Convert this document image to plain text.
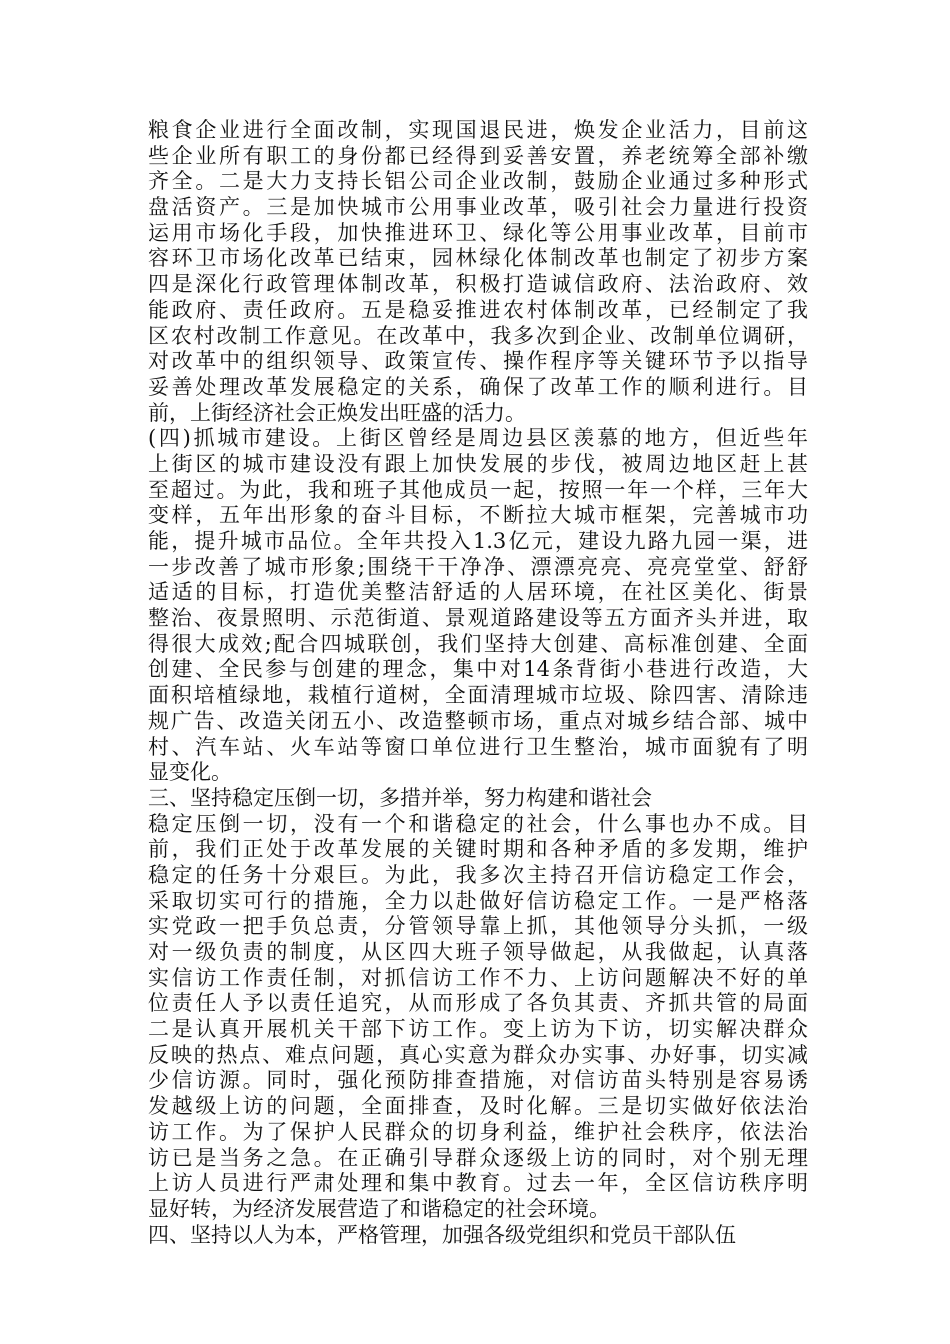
粮食企业进行全面改制，实现国退民进，焕发企业活力，目前这
些企业所有职工的身份都已经得到妥善安置，养老统筹全部补缴
齐全。二是大力支持长铝公司企业改制，鼓励企业通过多种形式
盘活资产。三是加快城市公用事业改革，吸引社会力量进行投资
运用市场化手段，加快推进环卫、绿化等公用事业改革，目前市
容环卫市场化改革已结束，园林绿化体制改革也制定了初步方案
四是深化行政管理体制改革，积极打造诚信政府、法治政府、效
能政府、责任政府。五是稳妥推进农村体制改革，已经制定了我
区农村改制工作意见。在改革中，我多次到企业、改制单位调研，
对改革中的组织领导、政策宣传、操作程序等关键环节予以指导
妥善处理改革发展稳定的关系，确保了改革工作的顺利进行。目
前，上街经济社会正焕发出旺盛的活力。
(四)抓城市建设。上街区曾经是周边县区羡慕的地方，但近些年
上街区的城市建设没有跟上加快发展的步伐，被周边地区赶上甚
至超过。为此，我和班子其他成员一起，按照一年一个样，三年大
变样，五年出形象的奋斗目标，不断拉大城市框架，完善城市功
能，提升城市品位。全年共投入1.3亿元，建设九路九园一渠，进
一步改善了城市形象;围绕干干净净、漂漂亮亮、亮亮堂堂、舒舒
适适的目标，打造优美整洁舒适的人居环境，在社区美化、街景
整治、夜景照明、示范街道、景观道路建设等五方面齐头并进，取
得很大成效;配合四城联创，我们坚持大创建、高标准创建、全面
创建、全民参与创建的理念，集中对14条背街小巷进行改造，大
面积培植绿地，栽植行道树，全面清理城市垃圾、除四害、清除违
规广告、改造关闭五小、改造整顿市场，重点对城乡结合部、城中
村、汽车站、火车站等窗口单位进行卫生整治，城市面貌有了明
显变化。
三、坚持稳定压倒一切，多措并举，努力构建和谐社会
稳定压倒一切，没有一个和谐稳定的社会，什么事也办不成。目
前，我们正处于改革发展的关键时期和各种矛盾的多发期，维护
稳定的任务十分艰巨。为此，我多次主持召开信访稳定工作会，
采取切实可行的措施，全力以赴做好信访稳定工作。一是严格落
实党政一把手负总责，分管领导靠上抓，其他领导分头抓，一级
对一级负责的制度，从区四大班子领导做起，从我做起，认真落
实信访工作责任制，对抓信访工作不力、上访问题解决不好的单
位责任人予以责任追究，从而形成了各负其责、齐抓共管的局面
二是认真开展机关干部下访工作。变上访为下访，切实解决群众
反映的热点、难点问题，真心实意为群众办实事、办好事，切实减
少信访源。同时，强化预防排查措施，对信访苗头特别是容易诱
发越级上访的问题，全面排查，及时化解。三是切实做好依法治
访工作。为了保护人民群众的切身利益，维护社会秩序，依法治
访已是当务之急。在正确引导群众逐级上访的同时，对个别无理
上访人员进行严肃处理和集中教育。过去一年，全区信访秩序明
显好转，为经济发展营造了和谐稳定的社会环境。
四、坚持以人为本，严格管理，加强各级党组织和党员干部队伍
